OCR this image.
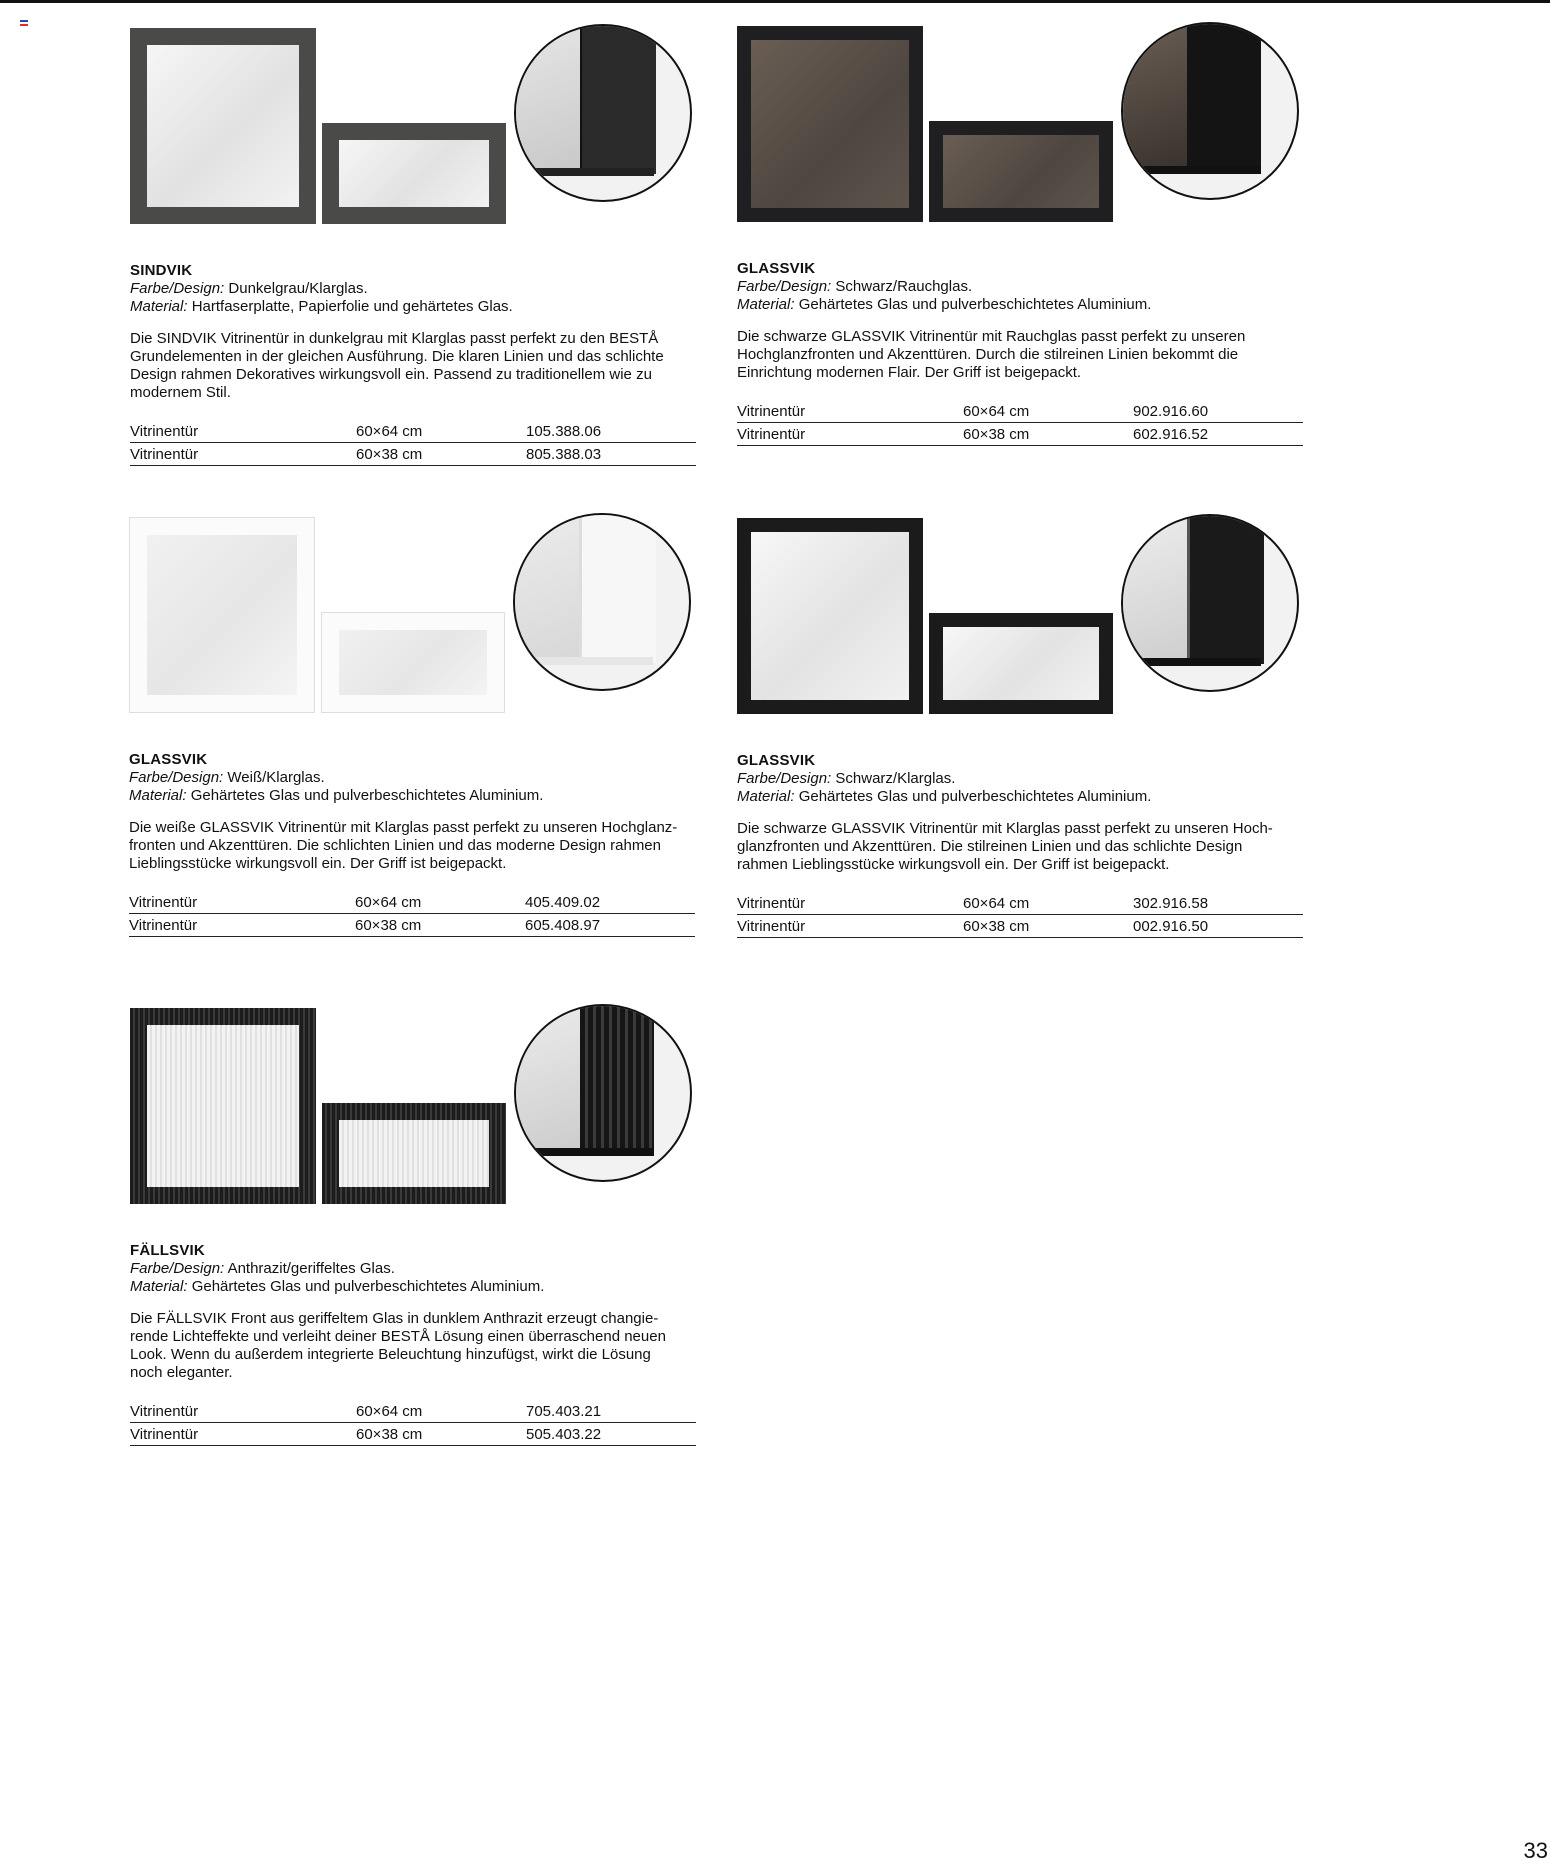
SINDVIK
Farbe/Design: Dunkelgrau/Klarglas.
Material: Hartfaserplatte, Papierfolie und gehärtetes Glas.
Die SINDVIK Vitrinentür in dunkelgrau mit Klarglas passt perfekt zu den BESTÅ
Grundelementen in der gleichen Ausführung. Die klaren Linien und das schlichte
Design rahmen Dekoratives wirkungsvoll ein. Passend zu traditionellem wie zu
modernem Stil.
Vitrinentür	60×64 cm	105.388.06
Vitrinentür	60×38 cm	805.388.03
GLASSVIK
Farbe/Design: Schwarz/Rauchglas.
Material: Gehärtetes Glas und pulverbeschichtetes Aluminium.
Die schwarze GLASSVIK Vitrinentür mit Rauchglas passt perfekt zu unseren
Hochglanzfronten und Akzenttüren. Durch die stilreinen Linien bekommt die
Einrichtung modernen Flair. Der Griff ist beigepackt.
Vitrinentür	60×64 cm	902.916.60
Vitrinentür	60×38 cm	602.916.52
GLASSVIK
Farbe/Design: Weiß/Klarglas.
Material: Gehärtetes Glas und pulverbeschichtetes Aluminium.
Die weiße GLASSVIK Vitrinentür mit Klarglas passt perfekt zu unseren Hochglanz-
fronten und Akzenttüren. Die schlichten Linien und das moderne Design rahmen
Lieblingsstücke wirkungsvoll ein. Der Griff ist beigepackt.
Vitrinentür	60×64 cm	405.409.02
Vitrinentür	60×38 cm	605.408.97
GLASSVIK
Farbe/Design: Schwarz/Klarglas.
Material: Gehärtetes Glas und pulverbeschichtetes Aluminium.
Die schwarze GLASSVIK Vitrinentür mit Klarglas passt perfekt zu unseren Hoch-
glanzfronten und Akzenttüren. Die stilreinen Linien und das schlichte Design
rahmen Lieblingsstücke wirkungsvoll ein. Der Griff ist beigepackt.
Vitrinentür	60×64 cm	302.916.58
Vitrinentür	60×38 cm	002.916.50
FÄLLSVIK
Farbe/Design: Anthrazit/geriffeltes Glas.
Material: Gehärtetes Glas und pulverbeschichtetes Aluminium.
Die FÄLLSVIK Front aus geriffeltem Glas in dunklem Anthrazit erzeugt changie-
rende Lichteffekte und verleiht deiner BESTÅ Lösung einen überraschend neuen
Look. Wenn du außerdem integrierte Beleuchtung hinzufügst, wirkt die Lösung
noch eleganter.
Vitrinentür	60×64 cm	705.403.21
Vitrinentür	60×38 cm	505.403.22
33
